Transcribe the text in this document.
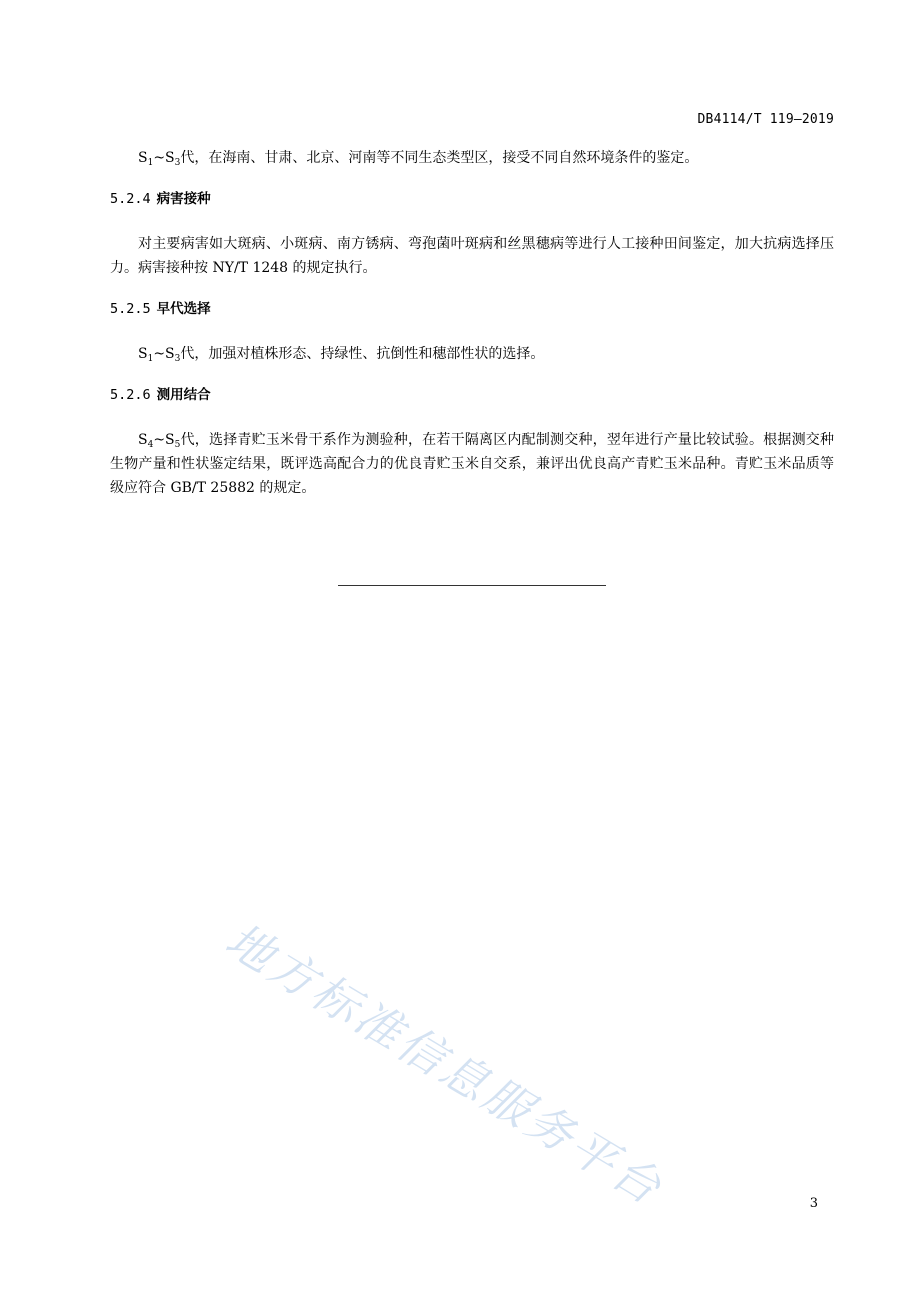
DB4114/T 119—2019

$S_1\sim S_3$代，在海南、甘肃、北京、河南等不同生态类型区，接受不同自然环境条件的鉴定。

5.2.4 病害接种

对主要病害如大斑病、小斑病、南方锈病、弯孢菌叶斑病和丝黑穗病等进行人工接种田间鉴定，加大抗病选择压力。病害接种按 NY/T 1248 的规定执行。

5.2.5 早代选择

$S_1\sim S_3$代，加强对植株形态、持绿性、抗倒性和穗部性状的选择。

5.2.6 测用结合

$S_4\sim S_5$代，选择青贮玉米骨干系作为测验种，在若干隔离区内配制测交种，翌年进行产量比较试验。根据测交种生物产量和性状鉴定结果，既评选高配合力的优良青贮玉米自交系，兼评出优良高产青贮玉米品种。青贮玉米品质等级应符合 GB/T 25882 的规定。

地方标准信息服务平台	3
